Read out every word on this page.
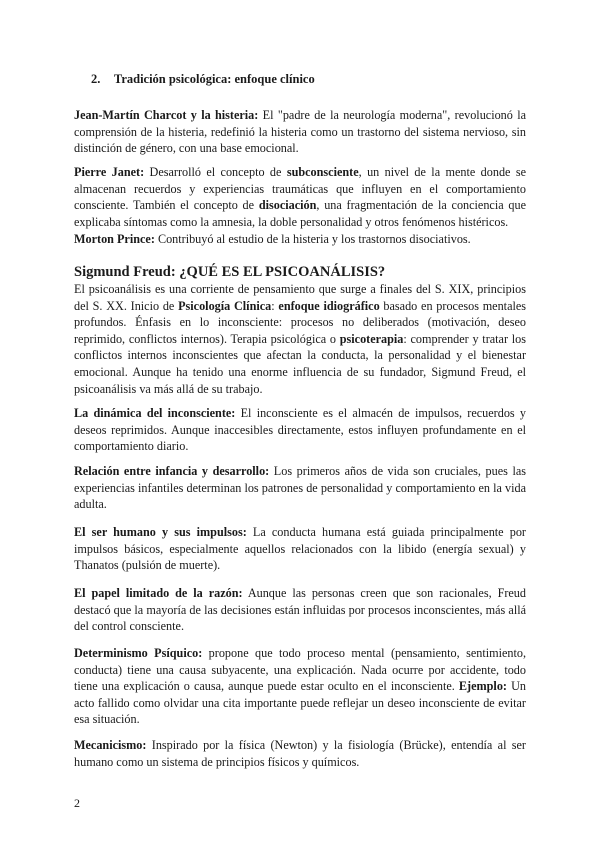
2. Tradición psicológica: enfoque clínico

Jean-Martín Charcot y la histeria: El "padre de la neurología moderna", revolucionó la comprensión de la histeria, redefinió la histeria como un trastorno del sistema nervioso, sin distinción de género, con una base emocional.

Pierre Janet: Desarrolló el concepto de subconsciente, un nivel de la mente donde se almacenan recuerdos y experiencias traumáticas que influyen en el comportamiento consciente. También el concepto de disociación, una fragmentación de la conciencia que explicaba síntomas como la amnesia, la doble personalidad y otros fenómenos histéricos.

Morton Prince: Contribuyó al estudio de la histeria y los trastornos disociativos.

Sigmund Freud: ¿QUÉ ES EL PSICOANÁLISIS?

El psicoanálisis es una corriente de pensamiento que surge a finales del S. XIX, principios del S. XX. Inicio de Psicología Clínica: enfoque idiográfico basado en procesos mentales profundos. Énfasis en lo inconsciente: procesos no deliberados (motivación, deseo reprimido, conflictos internos). Terapia psicológica o psicoterapia: comprender y tratar los conflictos internos inconscientes que afectan la conducta, la personalidad y el bienestar emocional. Aunque ha tenido una enorme influencia de su fundador, Sigmund Freud, el psicoanálisis va más allá de su trabajo.

La dinámica del inconsciente: El inconsciente es el almacén de impulsos, recuerdos y deseos reprimidos. Aunque inaccesibles directamente, estos influyen profundamente en el comportamiento diario.

Relación entre infancia y desarrollo: Los primeros años de vida son cruciales, pues las experiencias infantiles determinan los patrones de personalidad y comportamiento en la vida adulta.

El ser humano y sus impulsos: La conducta humana está guiada principalmente por impulsos básicos, especialmente aquellos relacionados con la libido (energía sexual) y Thanatos (pulsión de muerte).

El papel limitado de la razón: Aunque las personas creen que son racionales, Freud destacó que la mayoría de las decisiones están influidas por procesos inconscientes, más allá del control consciente.

Determinismo Psíquico: propone que todo proceso mental (pensamiento, sentimiento, conducta) tiene una causa subyacente, una explicación. Nada ocurre por accidente, todo tiene una explicación o causa, aunque puede estar oculto en el inconsciente. Ejemplo: Un acto fallido como olvidar una cita importante puede reflejar un deseo inconsciente de evitar esa situación.

Mecanicismo: Inspirado por la física (Newton) y la fisiología (Brücke), entendía al ser humano como un sistema de principios físicos y químicos.

2
